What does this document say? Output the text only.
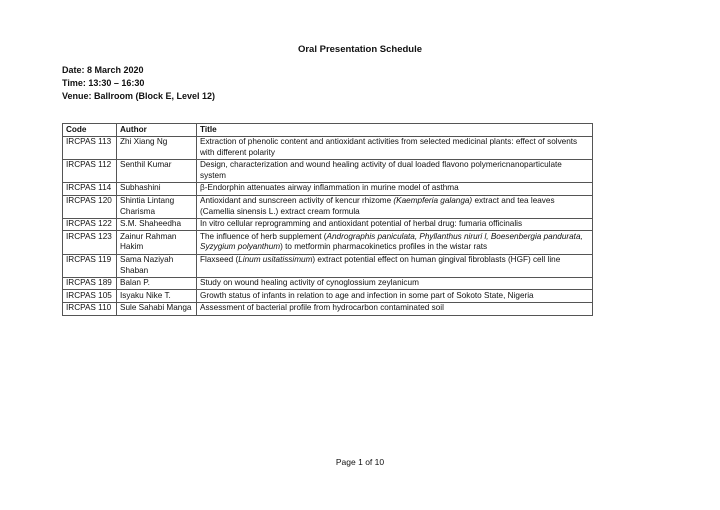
Oral Presentation Schedule
Date: 8 March 2020
Time: 13:30 – 16:30
Venue: Ballroom (Block E, Level 12)
Code	Author	Title
IRCPAS 113	Zhi Xiang Ng	Extraction of phenolic content and antioxidant activities from selected medicinal plants: effect of solvents with different polarity
IRCPAS 112	Senthil Kumar	Design, characterization and wound healing activity of dual loaded flavono polymericnanoparticulate system
IRCPAS 114	Subhashini	β-Endorphin attenuates airway inflammation in murine model of asthma
IRCPAS 120	Shintia Lintang Charisma	Antioxidant and sunscreen activity of kencur rhizome (Kaempferia galanga) extract and tea leaves (Camellia sinensis L.) extract cream formula
IRCPAS 122	S.M. Shaheedha	In vitro cellular reprogramming and antioxidant potential of herbal drug: fumaria officinalis
IRCPAS 123	Zainur Rahman Hakim	The influence of herb supplement (Andrographis paniculata, Phyllanthus niruri l, Boesenbergia pandurata, Syzygium polyanthum) to metformin pharmacokinetics profiles in the wistar rats
IRCPAS 119	Sama Naziyah Shaban	Flaxseed (Linum usitatissimum) extract potential effect on human gingival fibroblasts (HGF) cell line
IRCPAS 189	Balan P.	Study on wound healing activity of cynoglossium zeylanicum
IRCPAS 105	Isyaku Nike T.	Growth status of infants in relation to age and infection in some part of Sokoto State, Nigeria
IRCPAS 110	Sule Sahabi Manga	Assessment of bacterial profile from hydrocarbon contaminated soil
Page 1 of 10
